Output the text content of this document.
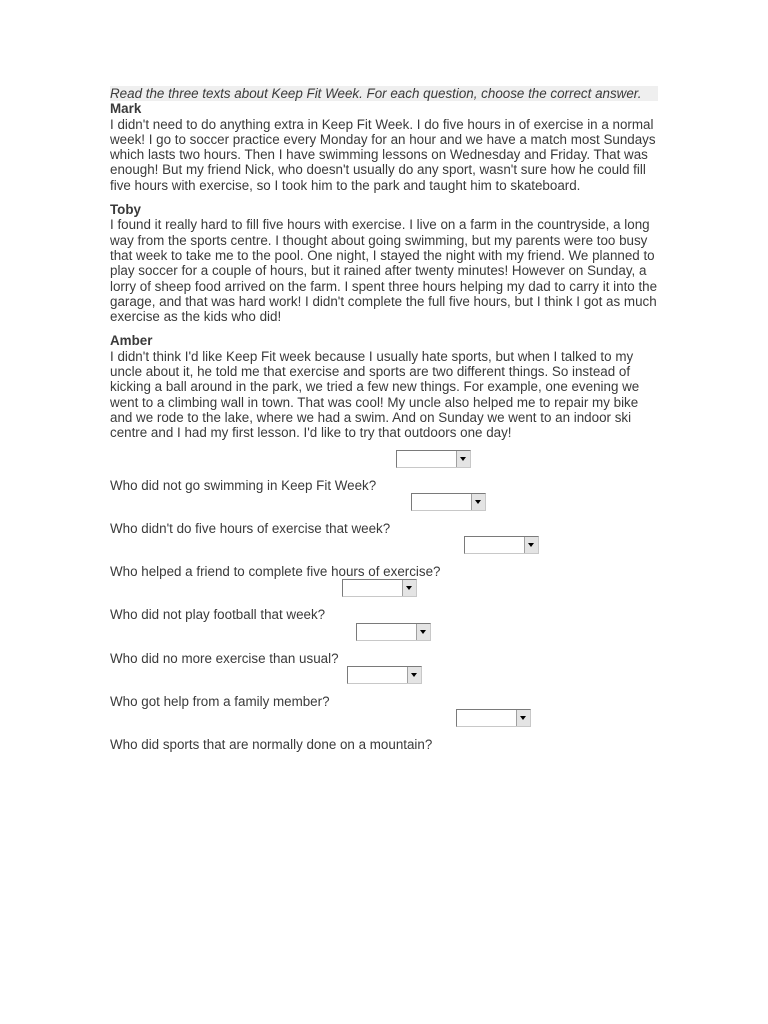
Read the three texts about Keep Fit Week. For each question, choose the correct answer.
Mark
I didn't need to do anything extra in Keep Fit Week. I do five hours in of exercise in a normal week! I go to soccer practice every Monday for an hour and we have a match most Sundays which lasts two hours. Then I have swimming lessons on Wednesday and Friday. That was enough! But my friend Nick, who doesn't usually do any sport, wasn't sure how he could fill five hours with exercise, so I took him to the park and taught him to skateboard.
Toby
I found it really hard to fill five hours with exercise. I live on a farm in the countryside, a long way from the sports centre. I thought about going swimming, but my parents were too busy that week to take me to the pool. One night, I stayed the night with my friend. We planned to play soccer for a couple of hours, but it rained after twenty minutes! However on Sunday, a lorry of sheep food arrived on the farm. I spent three hours helping my dad to carry it into the garage, and that was hard work! I didn't complete the full five hours, but I think I got as much exercise as the kids who did!
Amber
I didn't think I'd like Keep Fit week because I usually hate sports, but when I talked to my uncle about it, he told me that exercise and sports are two different things. So instead of kicking a ball around in the park, we tried a few new things. For example, one evening we went to a climbing wall in town. That was cool! My uncle also helped me to repair my bike and we rode to the lake, where we had a swim. And on Sunday we went to an indoor ski centre and I had my first lesson. I'd like to try that outdoors one day!
Who did not go swimming in Keep Fit Week?
Who didn't do five hours of exercise that week?
Who helped a friend to complete five hours of exercise?
Who did not play football that week?
Who did no more exercise than usual?
Who got help from a family member?
Who did sports that are normally done on a mountain?
